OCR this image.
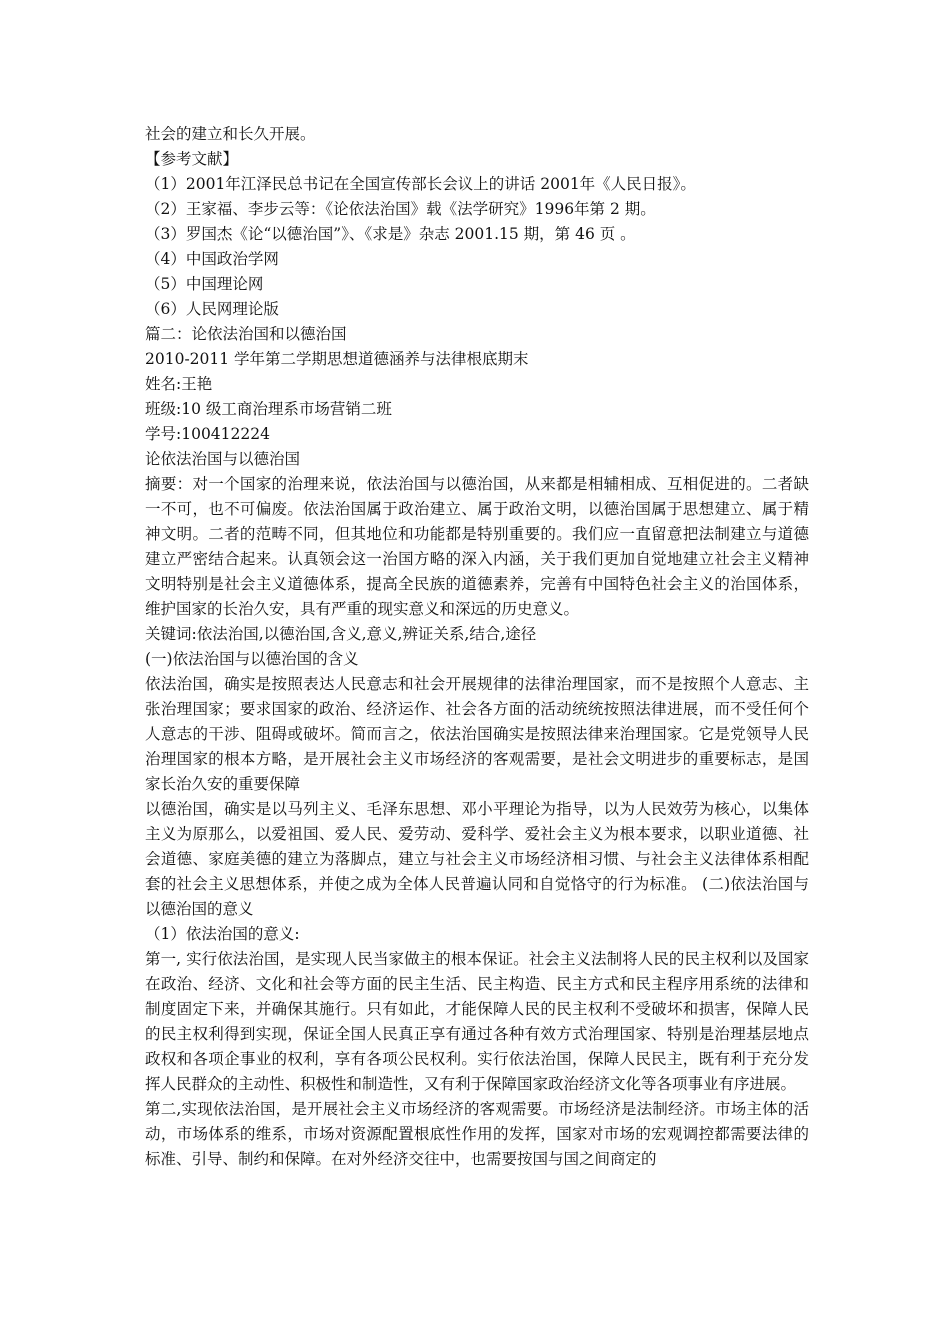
社会的建立和长久开展。

【参考文献】

（1）2001年江泽民总书记在全国宣传部长会议上的讲话 2001年《人民日报》。

（2）王家福、李步云等：《论依法治国》载《法学研究》1996年第 2 期。

（3）罗国杰《论“以德治国”》、《求是》杂志 2001.15 期，第 46 页 。

（4）中国政治学网

（5）中国理论网

（6）人民网理论版

篇二：论依法治国和以德治国

2010-2011 学年第二学期思想道德涵养与法律根底期末

姓名:王艳

班级:10 级工商治理系市场营销二班

学号:100412224

论依法治国与以德治国

摘要：对一个国家的治理来说，依法治国与以德治国，从来都是相辅相成、互相促进的。二者缺一不可，也不可偏废。依法治国属于政治建立、属于政治文明，以德治国属于思想建立、属于精神文明。二者的范畴不同，但其地位和功能都是特别重要的。我们应一直留意把法制建立与道德建立严密结合起来。认真领会这一治国方略的深入内涵，关于我们更加自觉地建立社会主义精神文明特别是社会主义道德体系，提高全民族的道德素养，完善有中国特色社会主义的治国体系，维护国家的长治久安，具有严重的现实意义和深远的历史意义。

关键词:依法治国,以德治国,含义,意义,辨证关系,结合,途径

(一)依法治国与以德治国的含义

依法治国，确实是按照表达人民意志和社会开展规律的法律治理国家，而不是按照个人意志、主张治理国家；要求国家的政治、经济运作、社会各方面的活动统统按照法律进展，而不受任何个人意志的干涉、阻碍或破坏。简而言之，依法治国确实是按照法律来治理国家。它是党领导人民治理国家的根本方略，是开展社会主义市场经济的客观需要，是社会文明进步的重要标志，是国家长治久安的重要保障

以德治国，确实是以马列主义、毛泽东思想、邓小平理论为指导，以为人民效劳为核心，以集体主义为原那么，以爱祖国、爱人民、爱劳动、爱科学、爱社会主义为根本要求，以职业道德、社会道德、家庭美德的建立为落脚点，建立与社会主义市场经济相习惯、与社会主义法律体系相配套的社会主义思想体系，并使之成为全体人民普遍认同和自觉恪守的行为标准。 (二)依法治国与以德治国的意义

（1）依法治国的意义:

第一, 实行依法治国，是实现人民当家做主的根本保证。社会主义法制将人民的民主权利以及国家在政治、经济、文化和社会等方面的民主生活、民主构造、民主方式和民主程序用系统的法律和制度固定下来，并确保其施行。只有如此，才能保障人民的民主权利不受破坏和损害，保障人民的民主权利得到实现，保证全国人民真正享有通过各种有效方式治理国家、特别是治理基层地点政权和各项企事业的权利，享有各项公民权利。实行依法治国，保障人民民主，既有利于充分发挥人民群众的主动性、积极性和制造性，又有利于保障国家政治经济文化等各项事业有序进展。

第二,实现依法治国，是开展社会主义市场经济的客观需要。市场经济是法制经济。市场主体的活动，市场体系的维系，市场对资源配置根底性作用的发挥，国家对市场的宏观调控都需要法律的标准、引导、制约和保障。在对外经济交往中，也需要按国与国之间商定的
